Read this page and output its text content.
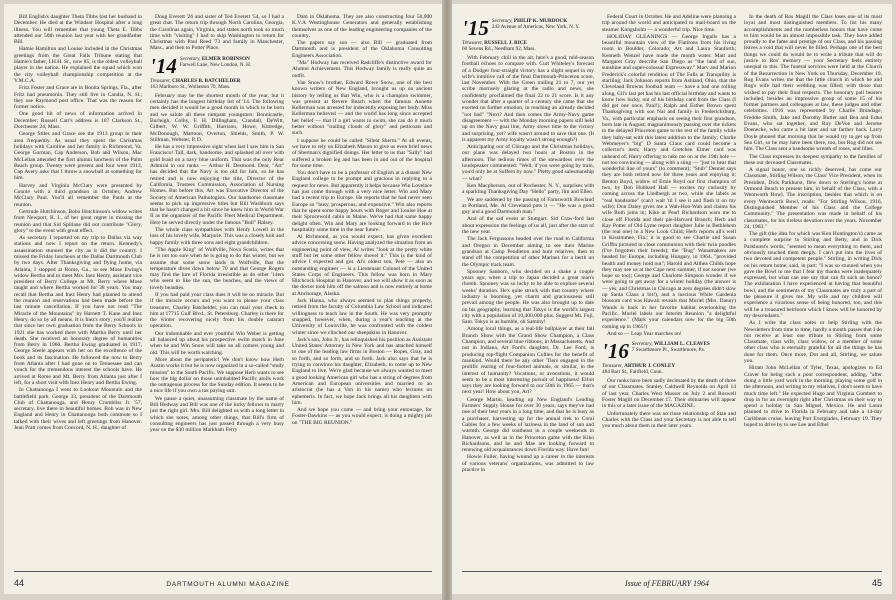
Bill English's daughter Theta Tibbs lost her husband in December. He died at the Windsor Hospital after a long illness. You will remember that young Theta E. Tibbs attended our 50th reunion last year with her grandfather Bill.

Hamie Hamilton and Louise included in the Christmas greetings from the Great Falls Tribune stating that Hamie's father, I.H.H. Sr., now 85, is the oldest volleyball player in the nation. He explained the squad which won the city volleyball championship competition at the Y.M.C.A.

Fritz Foster and Grace are in Bonita Springs, Fla., after Fritz had pneumonia. They still live in Candia, N. H.; they use Raymond post office. That was the reason for former notice.

One good bit of news of information arrived in December; Russell Carr's address is 187 Clarkson St., Dorchester 24, Mass.

George Stiles and Grace see the 1913 group in their area frequently. As usual they spent the Christmas holidays with Caroline and her family in Richmond, Va. George Gorman, Cap Anderson, Bob and Wilson, Mac McLellan attended the first alumni luncheon of the Palm Beach group. Twenty were present and four were 1913, Cap Avery asks that I throw a snowball at something for him.

Harvey and Virginia McClary were presented by Connie with a third grandson in October, Andrew McClary Paul. You'll all remember the Pauls at the reunion.

Gertrude Hutchinson, Bobo Hutchinson's widow writes from Newport, R. I., of her great regret in missing the reunion and that Sid Spillane did not contribute "Glory, glory" to the event with great effect.

As secretary I reported on my trip to Dallas via way stations and now I report on the return. Kennedy's assassination stunned the city as it did the country. I missed the Friday luncheon at the Dallas Dartmouth Club by two days. After Thanksgiving and flying home, via Atlanta, I stopped at Rome, Ga., to see Mose Ewing's widow Bertha and to meet Mrs. Inez Henry, assistant vice president of Berry College at Mt. Berry where Mose taught and where Bertha worked for 38 years. You may recall that Bertha and Inez Henry had planned to attend the reunion and reservations had been made before the last minute cancellation. If you have not read "The Miracle of the Mountains" by Harnett T. Kane and Inez Henry, do so by all means. It is Inez's story; you'll realize that since her own graduation from the Berry Schools in 1921 she has worked there with Martha Berry until her death. She received an honorary degree of humanities from Berry in 1960. Bertha Ewing graduated in 1917, George Steele appears with her on the excellence of the book and its fascination. He followed the now to Berry from Atlanta after I had gone on to Tennessee and can vouch for the tremendous interest the schools have. He arrived at Rome and Mt. Berry from Atlanta just after I left, for a short visit with Inez Henry and Bertha Ewing.

In Chattanooga I went to Lookout Mountain and the battlefield park. George 33, president of the Dartmouth Club of Chattanooga, and Henry Crumbliss Jr. '57, secretary, live there in beautiful homes. Bob was in New England and Henry in Chattanooga both commute so I talked with their wives and left greetings from Hanover. Jean Pratt comes from Concord, N. H., daughter of

Doug Everett '26 and sister of Ted Everett '54, so I had a great chat. The return trip through North Carolina, Georgia, the Carolinas again, Virginia, and states north took so much time with "visiting" I had to skip Washington to return for Christmas with Paul Reed '73 and family in Manchester, Mass., and then to Potter Place.

'14 Secretary, ELMER ROBINSON
Farwell Lane, New London, N. H.
Treasurer, CHARLES B. BATCHELDER
163 Marlboro St., Wollaston 70, Mass.

February may be the shortest month of the year, but it certainly has the longest birthday list of '14. The following men decided it would be a good month in which to be born and we salute all these rampant youngsters: Bonnicastle, Burleigh, Colby, F. H. Dillingham, Crandall, DeWitt, Gilbert, W. W. Griffith, Harrison, Howe, Kittredge, McDonough, Mattoon, Overton, Shields, Smith, P. W. Stillman, Webster, P. D.

He has a very impressive sight when last I saw him in San Francisco! Tall, dark, handsome, and splashed all over with gold braid on a navy blue uniform. That was the only Rear Admiral in our ranks — Arthur H. Desmond. Dear, "Art" has decided that the Navy is too old for him, so he has retired and is now enjoying the title, Director of the California, Trustees Commission, Association of Nursing Homes. But before this, Art was Executive Director of the Society of American Pathologists. Our handsome classmate seems to pick up impressive titles but Bill Washburn says that he hasn't changed a bit since he knew him in World War II as the organizer of the Pacific Fleet Medical Department. Here he served directly under the famous "Bull" Halsey.

The whole class sympathizes with Henry Lowell in the loss of his lovely wife, Marjorie. This was a closely knit and happy family with three sons and eight grandchildren.

"The Apple King" of Wolfville, Nova Scotia, writes that he is not too sure when he is going to do this winter, but we assume that some snow lands in Wolfville, that the temperature dives down below 70 and that George Rogers may find the lure of Florida irresistible as do other '14ers who seem to like the sun, the beaches, and the views of lovely beauties.

If you had paid your class dues it will be no miracle. But if the miracle occurs and you want to please your class treasurer, Charley Batchelder, you can mail your check to him at 17715 Gulf Blvd., St. Petersburg. Charley is there for the winter recovering nicely from his double cataract operation.

Our indomitable and ever youthful Win Weber is getting all balanced up about his prospective swim match in June when he and Win Snow will take on all comers young and old. This will be worth watching.

More about the peripatetic! We don't know how Herb Austin works it but he is now organized in a so-called "study mission" to the South Pacific. We suppose Herb wants to see how the big dollar on those uninhabited Pacific atolls work the outrageous process for the Sunday edition. It seems to be a nice life if you own a tax paying suit.

We pause a quiet, unassuming classmate by the name of Bill Hodway and Bill was one of the lucky fellows to marry just the right girl. Mrs. Bill delighted us with a long letter in which she notes, among other things, that Bill's firm of consulting engineers has just passed through a very busy year on the $30 million Markham Ferry

Dam in Oklahoma. They are also constructing four 50,000 K.V.A Westinghouse Generators and generally establishing themselves as one of the leading engineering companies of the country.

The papers say son — also Bill — graduated from Dartmouth and is president of the Oklahoma Consulting Engineers Association.

"Ma" Hodway has received Radcliffe's distinctive award for Alumni Achievement. This Hodway family is really quite an outfit.

Van Snow's brother, Edward Rowe Snow, one of the best known writers of New England, brought us up on ancient history by telling us that Win, who is a champion swimmer, was present at Revere Beach when the famous Annette Kellerman was arrested for indecently exposing her body. Miss Kellerman believed — and the world has long since accepted her belief — that if a girl wants to swim, she can do it much better without "trailing clouds of glory" and petticoats and such.

I suppose he could be called "Silent Sherm." At all events, we have to rely on Elizabeth Mason to give us even brief news of Sherman's dignified doings. Her letter to us that "Sally" had suffered a broken leg and has been in and out of the hospital for some time.

You don't have to be a professor of English at a distant New England college to be prompt and gracious in replying to a request for news. But apparently it helps because Win Lovelace has just come through with a very nice letter. Win and Mary had a recent trip to Europe. He reports that he had never seen Europe so "busy, prosperous, and expensive." Win also reports that he spent some happy hours with Roger and Louise Hoe at their Sprucewold cabin in Maine. We've had that same happy delight often. Win and Mary are looking forward to the Rice hospitality some time in the near future.

Al Richmond, as you would expect, has given excellent advice concerning snow. Having analyzed the situation from an engineering point of view, Al writes "look at the pretty white stuff but let some other fellow shovel it." This is the kind of advice I expected and got. Al's oldest son, Pete — also an outstanding engineer — is a Lieutenant Colonel of the United States Corps of Engineers. This fellow was born in Mary Hitchcock Hospital in Hanover, and we will show it as soon as the doctor took him off the salmon and is now entirely at home at Anchorage, Alaska.

Jack Hanna, who always seemed to plan things properly, retired from the faculty of Columbia Law School and indicated willingness to teach law in the South. He was very promptly snapped, however, when, during a year's teaching at the University of Louisville, he was confronted with the coldest winter since we clinched our sheepskins in Hanover.

Jack's son, John Jr., has relinquished his position as Assistant United States' Attorney in New York and has attached himself to one of the leading law firms in Boston — Ropes, Gray, and so forth, and so forth, and so forth. Jack also says that he is trying to convince his daughter, Elizabeth, to come up to New England to live. We're glad because we always wanted to meet a good looking American girl who has a string of degrees from American and European universities and married to an aristocrat (he has a Von in his name) who lectures on ephemeris. In fact, we hope Jack brings all his daughters with him.

And we hope you come — and bring your entourage, for Foster-Dawkins — as you would expect, is doing a mighty job on "THE BIG REUNION."

44	DARTMOUTH ALUMNI MAGAZINE
'15 Secretary, PHILIP K. MURDOCK
243 Avenue of Americas, New York, N. Y.
Treasurer, RUSSELL J. RICE
60 Sevens Rd., Needham 92, Mass.

With February chill in the air, here's a good, mid-season football echoes to compare with. Curt Whiteley's forecast of a Dodger four-straight victory has a slight sequel in my wife's intuitive call of the final Dartmouth-Princeton score, last November. With the Green trailing 21 to 7, our yet scribe mornsely glaring at the radio and news, she confidently proclaimed the final 22 to 21 score. Is it any wonder that after a quarter of a century she came that she exerted no further emotion, in reaching an already decided "not bad" "Next? And then comes the Army-Navy game disagreement — with the Monday morning papers still held up on the Navy goal line, Army slows time to the victory and surprising, yet? wife wasn't around to save that one. (It is apparent my Army loyalty wasn't strong enough?)

Anticipating our of Chicago and the Christmas holidays, our plane was delayed two hours at Boston in the afternoon. The tedious times of the stewardess over the loudspeaker commented: "Well, if you were going by train, you'd only be at Suffern by now." Pretty good salesmanship — what?

Ken Macpherson, out of Rochester, N. Y., surprises with a sparkling Thanksgiving Day "Hello" party, Jim and Ellen.

We are saddened by the passing of Farnsworth Bowland at Portland, Me. Al Cleveland puts it — "He was a good guy and a good Dartmouth man."

And of the sad event at Stuttgart. Sid Craw-ford last about expression the feelings of us all, just after the start of the new year.

The Jack Fergussons headed over the road to California and Oregon in December aiming to see their Marine grandson at Camp Pendleton and hunt relatives, then to stand off the competition of other Marines for a berth on the Olympic track team.

Spooney Sanborn, who decided on a shake a couple years ago, when a trip to Japan decided a great man's rhomb. Spooney was so lucky to be able to explore several weeks' duration. He's quite struck with that country where industry is booming, yet charm and graciousness still prevail among the people. He was also brought up to date on his geography, learning that Tokyo is the world's largest city with a population of 10,400,000 plus. Suggest Mt. Fuji, Sam. Tokyo is as humble, oh Sammy!

Among local things, as a real-life ballplayer at their fall Branch Show with the Grand Show Champion, a Class Champion, and several blue ribbons, in Massachusetts. And out in Indiana, Art Ford's daughter, Dr. Lee Ford, is producing top-flight Companion Collies for the benefit of mankind. Would there be any other 'Tiers engaged in the prolific rearing of four-footed animals, or similar, in the interest of humanity? Vocations, or avocations, it would seem to be a most interesting pursuit of happiness! Elliot says they are looking forward to our 50th in 1965 — that's next year! How about you, Art?

George Martin, heading up New England's Leading Farmers' Supply House for over 30 years, says they've had one of their best years in a long time, and that he is busy as a purchaser, harvesting up for the annual trek to Coral Gables for a few weeks of laziness in the land of sun and warmth. George did southeast in a couple weekends in Hanover, as well as in the Princeton game with the Kiko Richardsons, and he and Mae are looking forward to renewing old acquaintances down Florida way. Have fun!

Howie Fuller, having wound up a career in the interests of various veterans' organizations, was admitted to law practice in

Federal Court in October. He and Adeline were planning a trip around the world and anticipated to mail-board on the steamer Kongsholm — a wonderful trip. Nice time.

HOLIDAY GLEANINGS — George Ingalls has a beautiful mountain view of the Flatirons from his living room in Boulder, Colorado; Art and Laura Stanforth; Kenneth Wenzel have made the month water. Matt and Margaret Gray describe San Diego as "the land of sun, sunshine and super-colossal Expressway." Marv and Marion Frederick's colorful rendition of The Falls at Tranquility is startling; Jack Johnson reports from Ashland, Ohio, that the Cleveland Browns football team — have a bad one rolling along, Gil's last pet has his last official birthday and wants to know how lucky, out of his birthday card from the Class (I did get one once, Paul!); Ralph and Esther Brown spent Thanksgiving with son Nat and family in Fredericksburg, Va., with particular emphasis on seeing their first grandson, born late in August; magnanimously passing over the tickets to the delayed Princeton game to the rest of the family while they baby-sat with this latest addition to the family; Charlie Webmeyer's "big" D Santa Claus card could become a collector's item; Harry and Gretchen Elmer card was unheard of; Harry offering to take me on at the 19th hole — not too convincing — along with a sting — "just to hear that wonderful line of yours" (to comment); "Stub" Dennet says they are both retired now for three years and enjoying it; Benton Boyd, widow of Ernie Boyd our first champion of two, by Don Hubbard Hall — excites my curiosity by coming across the Lindbergh at two, while she labels as "real handsome" (can't wait 'til I see it and flash it on my wife); Don Daley gives me a Wah-Hoo-Wah and claims his wife Ruth joins in; Kiko at Pearl Richardson warn me to close off Florida and their pie-Harvard Branch; Herb and Kay Potter of Old Lyme report daughter Julie in Bethlehem (the real one) in a New Look Child; Herb reports all's well in Kissimmee, Fla.; it is good to see Charlie and Susan Griffin pictured in close communion with their twin poodles (I've forgotten their breeds); the "Bug" Wanamakers are headed for Europe, including Hungary, in 1964. "provided health and money hold out"; Harold and Althea Childs hope they may see us at the Cape next summer, if not sooner (we hope so too); George and Charlotte Simpson wonder if we were going to get away for a winter holiday (the answer is — yes, and Christmas in Chicago at zero degrees didn't slow up Santa Claus a bit!), and a luscious White Gardenia blossom card was Hawaii reveals that Muriel (Mrs. Danny) Wands is back in her favorite habitat overlooking the Pacific. Muriel labels our Interim Reunion "a delightful experience." (Mark your calendars now for the big 50th coming up in 1965!)

And so — Leap Year marches on!

'16 Secretary, WILLIAM L. CLEAVES
7 Swarthmore Pl., Swarthmore, Pa.
Treasurer, ARTHUR J. CONLEY
484 Barr St., Fairfield, Conn.

Our ranks have been sadly decimated by the death of three of our Classmates. Stanley Caldwell Reynolds on April 14 of last year, Charles West Musser on July 2 and Roswell Foster Magill on December 17. Their obituaries will appear in this or a later issue of the MAGAZINE.

Unfortunately there was no close relationship of Stan and Charles with the Class and your Secretary is not able to tell you much about them in their later years.

In the death of Ros Magill the Class loses one of its most loyal and most distinguished members. To list his many accomplishments and the numberless honors that have come to him would be an almost impossible task. They have added proudly to the fame and prestige of our Class, and his passing leaves a void that will never be filled. Perhaps one of the best things we could do would be to write a tribute that will do justice to Ros' memory — your Secretary feels entirely unequal to this. The funeral services were held at the Church of the Resurrection in New York on Thursday, December 19. Rog Evans writes me that the little church in which he and Rog's wife had their wedding was filled; with those that wished to pay their final respects. The honorary pall bearers included, besides an impressive group of some 15 of his former partners and colleagues at law, these judges and other celebrities. 1916 was represented by Charlie Brundage, Freddie Smith, Jake and Dorothy Butler and Bea and Edna Evans, who sat together, and Roy DeVoe and Jerome Doenecke, who came a bit later and sat farther back. Larry Doyle phoned that morning that he would try to get up from Sea Girt, so he may have been there, too, but Rog did not see him. The Class sent a handsome wreath of roses, and lilies.

The Class expresses its deepest sympathy to the families of these our deceased Classmates.

A signal honor, one so richly deserved, has come our Classmate, Stirling Wilson, the Class' Vice President, when its President, Dick Parkhurst, flew down to Sterling's home at Ormond Beach to present him, in behalf of the Class, with a Wentworth Bowl. The inscription, besides that which is on every Wentworth Bowl, reads: "For Stirling Wilson, 1916, Distinguished Member of his Class and the College Community." The presentation was made in behalf of his classmates, for his tireless devotion over the years. November 24, 1963."

The gift (the idea for which was Ken Huntington's) came as a complete surprise to Stirling and Betty, and in Dick Parkhurst's words, "seemed to mean everything to them, and obviously touched them deeply. I can't put into the lives of two devoted and competent people." Stirling, in writing Dick on his return home, said, in part: "I was so stunned when you gave the Bowl to me that I fear my thanks were inadequately expressed, but what can one say that can fit such an honor? The exhilaration I have experienced at having that beautiful bowl, and the sentiments of my Classmates are truly a part of the pleasure it gives me. My wife and my children will experience a vicarious sense of being honored, too, and this will be a treasured heirloom which I know will be honored by my descendants."

As I write the class notes or help Stirling with the Newsletters from time to time, hardly a month passes that I do not receive at least one tribute to Stirling from some Classmate, class wife, class widow, or a member of some other class who is eternally grateful for all the things he has done for them. Once more, Dot and all, Stirling, we salute you.

Hiram John McLellan of Tyler, Texas, apologizes to Ed Craver for being such a poor correspondent, adding, "after doing a little yard work in the morning, playing some golf in the afternoon, and writing to my relatives, I don't seem to have much time left." He expected Hugo and Virginia Gumbert to drop in for an overnight right after Christmas on their way to spend a holiday in San Miguel, Mexico. He and Laura planned to drive to Florida in February and take a 14-day Caribbean cruise, leaving Port Everglades, February 19. They hoped to drive by to see Lee and Ethel

Issue of FEBRUARY 1964	45
